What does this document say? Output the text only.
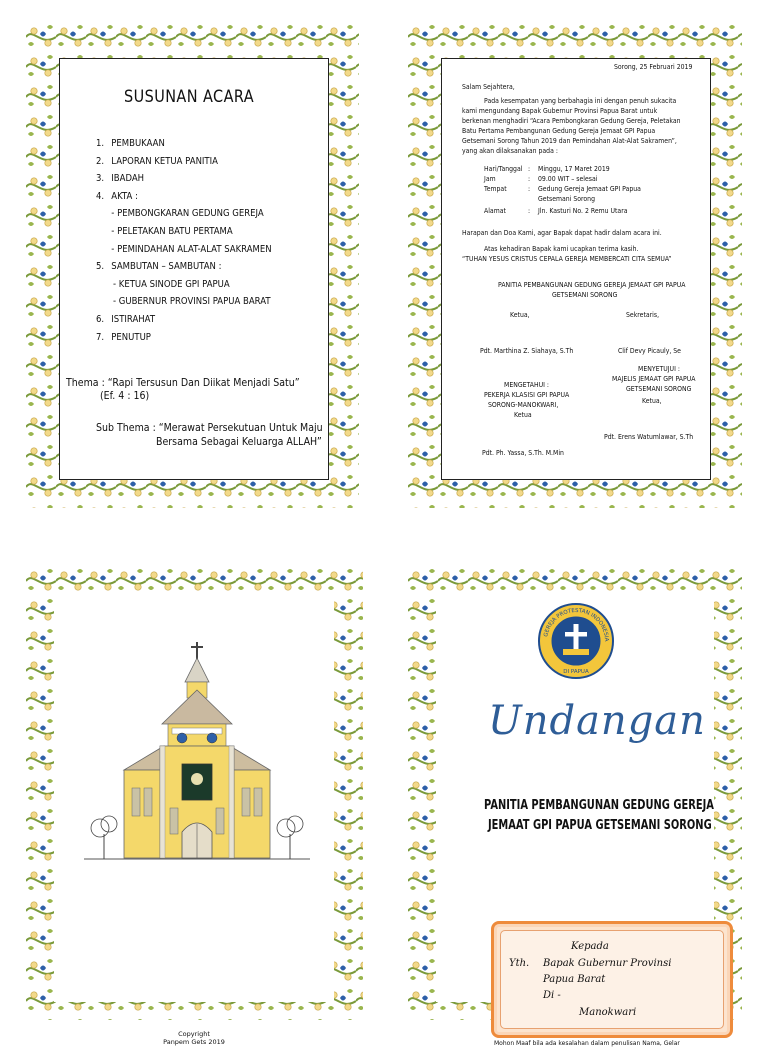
SUSUNAN ACARA
1. PEMBUKAAN
2. LAPORAN KETUA PANITIA
3. IBADAH
4. AKTA :
- PEMBONGKARAN GEDUNG GEREJA
- PELETAKAN BATU PERTAMA
- PEMINDAHAN ALAT-ALAT SAKRAMEN
5. SAMBUTAN – SAMBUTAN :
- KETUA SINODE GPI PAPUA
- GUBERNUR PROVINSI PAPUA BARAT
6. ISTIRAHAT
7. PENUTUP
Thema : “Rapi Tersusun Dan Diikat Menjadi Satu”
(Ef. 4 : 16)
Sub Thema : “Merawat Persekutuan Untuk Maju
Bersama Sebagai Keluarga ALLAH”
Sorong, 25 Februari 2019
Salam Sejahtera,
Pada kesempatan yang berbahagia ini dengan penuh sukacita
kami mengundang Bapak Gubernur Provinsi Papua Barat untuk
berkenan menghadiri “Acara Pembongkaran Gedung Gereja, Peletakan
Batu Pertama Pembangunan Gedung Gereja Jemaat GPI Papua
Getsemani Sorong Tahun 2019 dan Pemindahan Alat-Alat Sakramen”,
yang akan dilaksanakan pada :
Hari/Tanggal : Minggu, 17 Maret 2019
Jam	: 09.00 WIT – selesai
Tempat	: Gedung Gereja Jemaat GPI Papua
Getsemani Sorong
Alamat	: Jln. Kasturi No. 2 Remu Utara
Harapan dan Doa Kami, agar Bapak dapat hadir dalam acara ini.
Atas kehadiran Bapak kami ucapkan terima kasih.
“TUHAN YESUS CRISTUS CEPALA GEREJA MEMBERCATI CITA SEMUA”
PANITIA PEMBANGUNAN GEDUNG GEREJA JEMAAT GPI PAPUA
GETSEMANI SORONG
Ketua,	Sekretaris,
Pdt. Marthina Z. Siahaya, S.Th	Clif Devy Picauly, Se
MENYETUJUI :
MAJELIS JEMAAT GPI PAPUA
GETSEMANI SORONG
Ketua,
MENGETAHUI :
PEKERJA KLASISI GPI PAPUA
SORONG-MANOKWARI,
Ketua
Pdt. Erens Watumlawar, S.Th
Pdt. Ph. Yassa, S.Th. M.Min
Copyright
Panpem Gets 2019
GEREJA PROTESTAN INDONESIA
DI PAPUA
Undangan
PANITIA PEMBANGUNAN GEDUNG GEREJA
JEMAAT GPI PAPUA GETSEMANI SORONG
Kepada
Yth. Bapak Gubernur Provinsi
Papua Barat
Di -
Manokwari
Mohon Maaf bila ada kesalahan dalam penulisan Nama, Gelar
